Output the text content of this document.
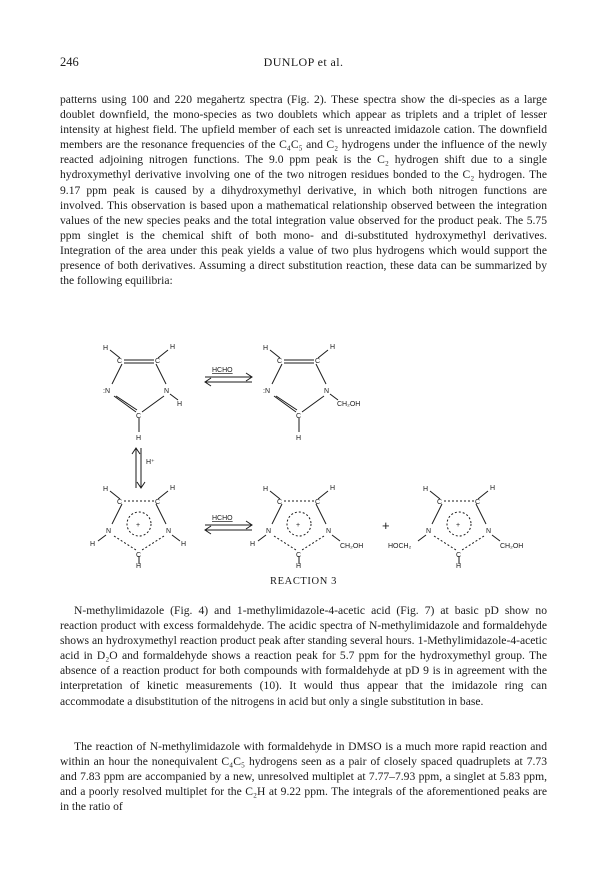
246	DUNLOP et al.
patterns using 100 and 220 megahertz spectra (Fig. 2). These spectra show the di-species as a large doublet downfield, the mono-species as two doublets which appear as triplets and a triplet of lesser intensity at highest field. The upfield member of each set is unreacted imidazole cation. The downfield members are the resonance frequencies of the C₄C₅ and C₂ hydrogens under the influence of the newly reacted adjoining nitrogen functions. The 9.0 ppm peak is the C₂ hydrogen shift due to a single hydroxymethyl derivative involving one of the two nitrogen residues bonded to the C₂ hydrogen. The 9.17 ppm peak is caused by a dihydroxymethyl derivative, in which both nitrogen functions are involved. This observation is based upon a mathematical relationship observed between the integration values of the new species peaks and the total integration value observed for the product peak. The 5.75 ppm singlet is the chemical shift of both mono- and di-substituted hydroxymethyl derivatives. Integration of the area under this peak yields a value of two plus hydrogens which would support the presence of both derivatives. Assuming a direct substitution reaction, these data can be summarized by the following equilibria:
H	H
C	C
:N	N
H
C
H
HCHO
H	H
C	C
:N	N
CH₂OH
C
H
H⁺
+
H	H
C	C
N	N
H	H
C
H
HCHO
+
H	H
C	C
N	N
H	CH₂OH
C
H
+	+
H	H
C	C
N	N
HOCH₂	CH₂OH
C
H
REACTION 3
N-methylimidazole (Fig. 4) and 1-methylimidazole-4-acetic acid (Fig. 7) at basic pD show no reaction product with excess formaldehyde. The acidic spectra of N-methylimidazole and formaldehyde shows an hydroxymethyl reaction product peak after standing several hours. 1-Methylimidazole-4-acetic acid in D₂O and formaldehyde shows a reaction peak for 5.7 ppm for the hydroxymethyl group. The absence of a reaction product for both compounds with formaldehyde at pD 9 is in agreement with the interpretation of kinetic measurements (10). It would thus appear that the imidazole ring can accommodate a disubstitution of the nitrogens in acid but only a single substitution in base.
The reaction of N-methylimidazole with formaldehyde in DMSO is a much more rapid reaction and within an hour the nonequivalent C₄C₅ hydrogens seen as a pair of closely spaced quadruplets at 7.73 and 7.83 ppm are accompanied by a new, unresolved multiplet at 7.77–7.93 ppm, a singlet at 5.83 ppm, and a poorly resolved multiplet for the C₂H at 9.22 ppm. The integrals of the aforementioned peaks are in the ratio of
